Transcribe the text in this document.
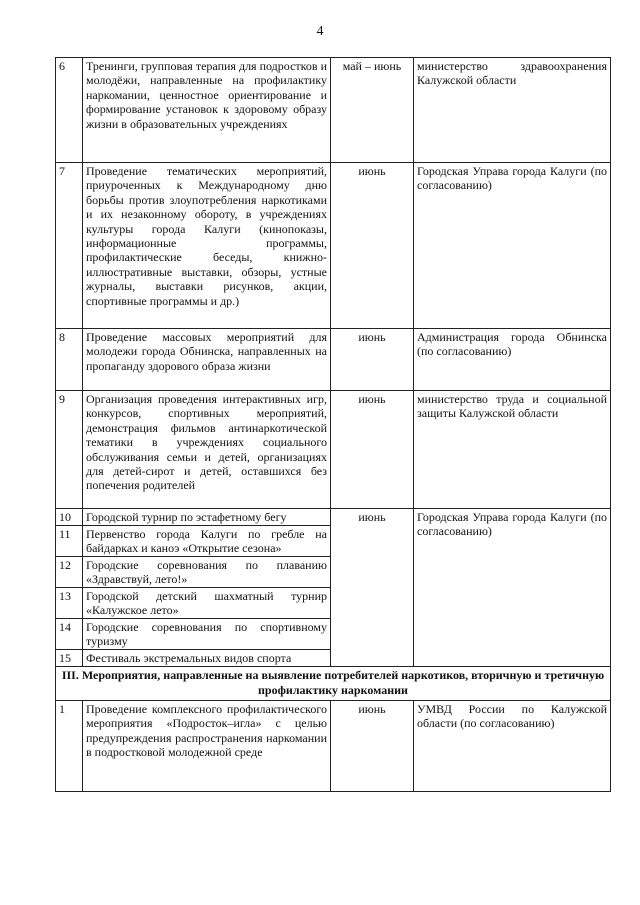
4
6	Тренинги, групповая терапия для подростков и молодёжи, направленные на профилактику наркомании, ценностное ориентирование и формирование установок к здоровому образу жизни в образовательных учреждениях	май – июнь	министерство здравоохранения Калужской области
7	Проведение тематических мероприятий, приуроченных к Международному дню борьбы против злоупотребления наркотиками и их незаконному обороту, в учреждениях культуры города Калуги (кинопоказы, информационные программы, профилактические беседы, книжно-иллюстративные выставки, обзоры, устные журналы, выставки рисунков, акции, спортивные программы и др.)	июнь	Городская Управа города Калуги (по согласованию)
8	Проведение массовых мероприятий для молодежи города Обнинска, направленных на пропаганду здорового образа жизни	июнь	Администрация города Обнинска (по согласованию)
9	Организация проведения интерактивных игр, конкурсов, спортивных мероприятий, демонстрация фильмов антинаркотической тематики в учреждениях социального обслуживания семьи и детей, организациях для детей-сирот и детей, оставшихся без попечения родителей	июнь	министерство труда и социальной защиты Калужской области
10	Городской турнир по эстафетному бегу	июнь	Городская Управа города Калуги (по согласованию)
11	Первенство города Калуги по гребле на байдарках и каноэ «Открытие сезона»		
12	Городские соревнования по плаванию «Здравствуй, лето!»		
13	Городской детский шахматный турнир «Калужское лето»		
14	Городские соревнования по спортивному туризму		
15	Фестиваль экстремальных видов спорта		
III. Мероприятия, направленные на выявление потребителей наркотиков, вторичную и третичную профилактику наркомании			
1	Проведение комплексного профилактического мероприятия «Подросток–игла» с целью предупреждения распространения наркомании в подростковой молодежной среде	июнь	УМВД России по Калужской области (по согласованию)
